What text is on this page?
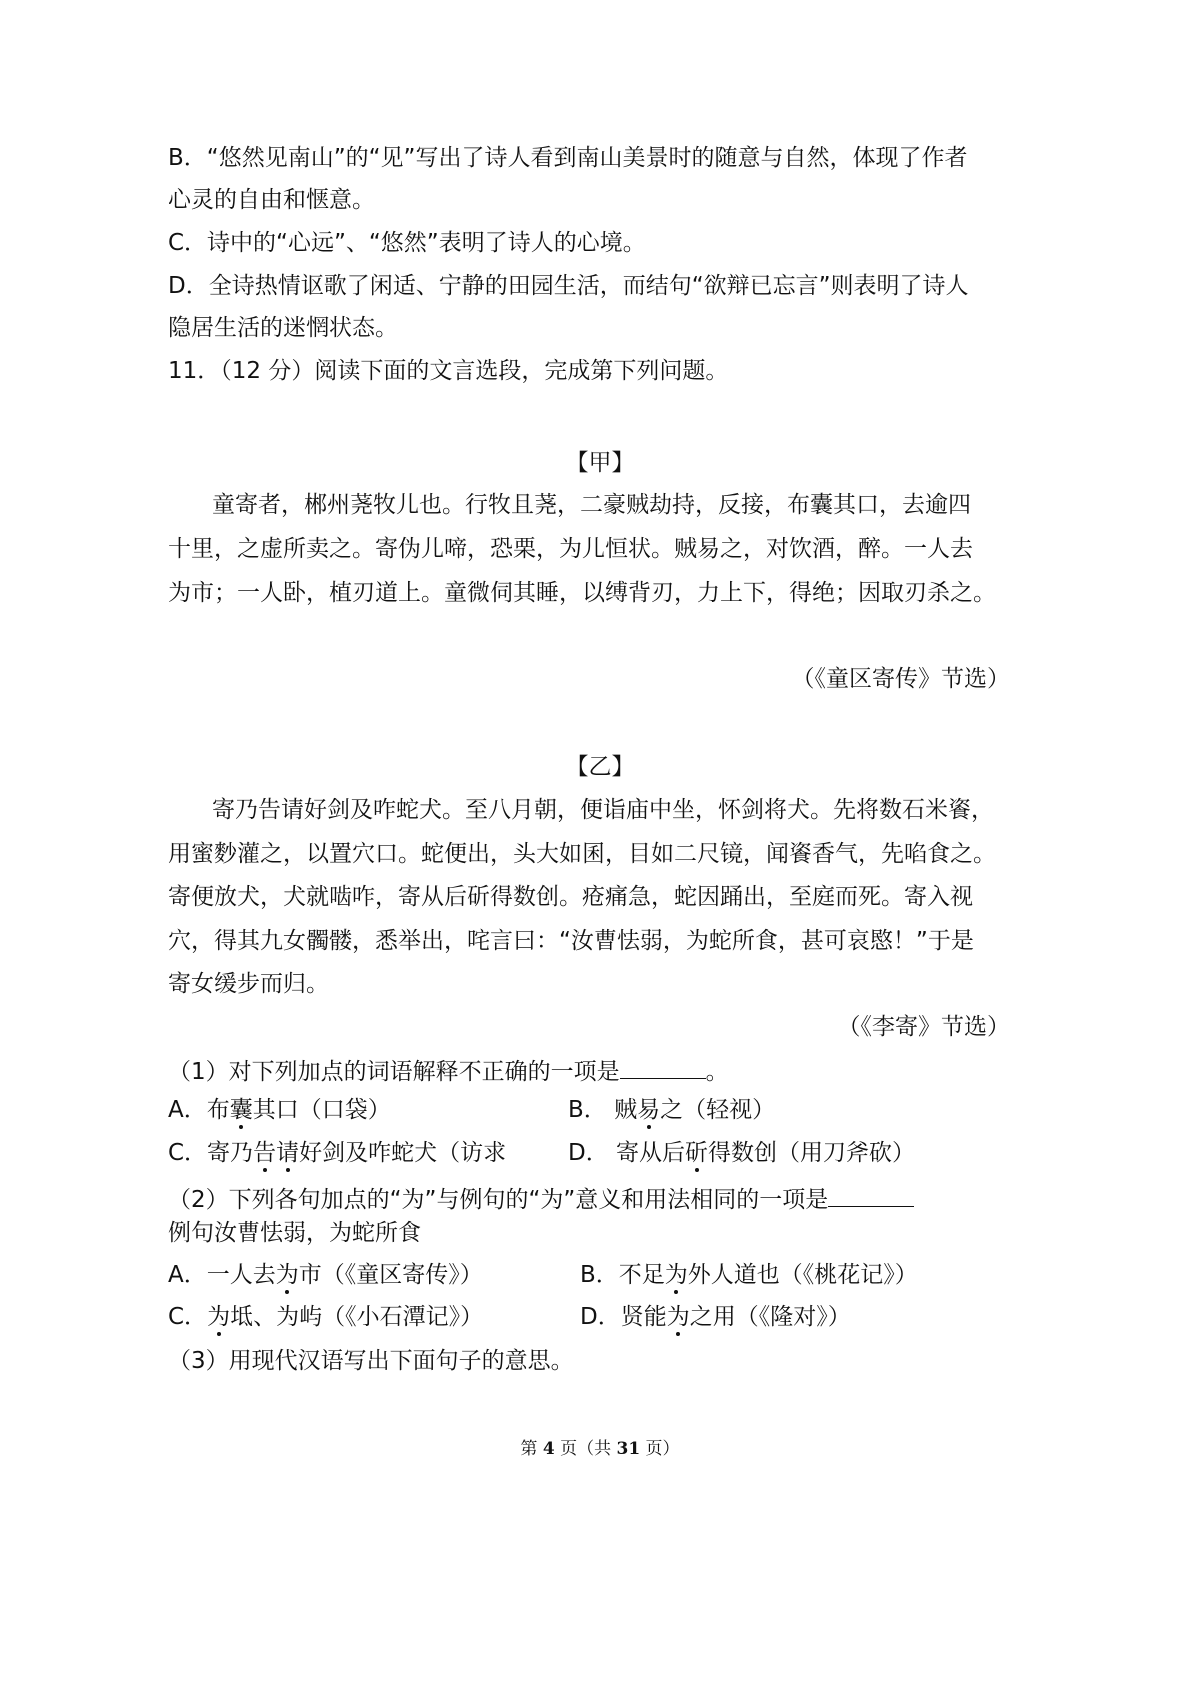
B．“悠然见南山”的“见”写出了诗人看到南山美景时的随意与自然，体现了作者
心灵的自由和惬意。
C．诗中的“心远”、“悠然”表明了诗人的心境。
D．全诗热情讴歌了闲适、宁静的田园生活，而结句“欲辩已忘言”则表明了诗人
隐居生活的迷惘状态。
11．（12 分）阅读下面的文言选段，完成第下列问题。
【甲】
童寄者，郴州荛牧儿也。行牧且荛，二豪贼劫持，反接，布囊其口，去逾四
十里，之虚所卖之。寄伪儿啼，恐栗，为儿恒状。贼易之，对饮酒，醉。一人去
为市；一人卧，植刃道上。童微伺其睡，以缚背刃，力上下，得绝；因取刃杀之。
（《童区寄传》节选）
【乙】
寄乃告请好剑及咋蛇犬。至八月朝，便诣庙中坐，怀剑将犬。先将数石米餈，
用蜜麨灌之，以置穴口。蛇便出，头大如囷，目如二尺镜，闻餈香气，先啗食之。
寄便放犬，犬就啮咋，寄从后斫得数创。疮痛急，蛇因踊出，至庭而死。寄入视
穴，得其九女髑髅，悉举出，咤言曰：“汝曹怯弱，为蛇所食，甚可哀愍！”于是
寄女缓步而归。
（《李寄》节选）
（1）对下列加点的词语解释不正确的一项是	。
A．布囊其口（口袋）	B． 贼易之（轻视）
C．寄乃告请好剑及咋蛇犬（访求	D． 寄从后斫得数创（用刀斧砍）
（2）下列各句加点的“为”与例句的“为”意义和用法相同的一项是
例句汝曹怯弱，为蛇所食
A．一人去为市（《童区寄传》）	B．不足为外人道也（《桃花记》）
C．为坻、为屿（《小石潭记》）	D．贤能为之用（《隆对》）
（3）用现代汉语写出下面句子的意思。
第 4 页（共 31 页）
